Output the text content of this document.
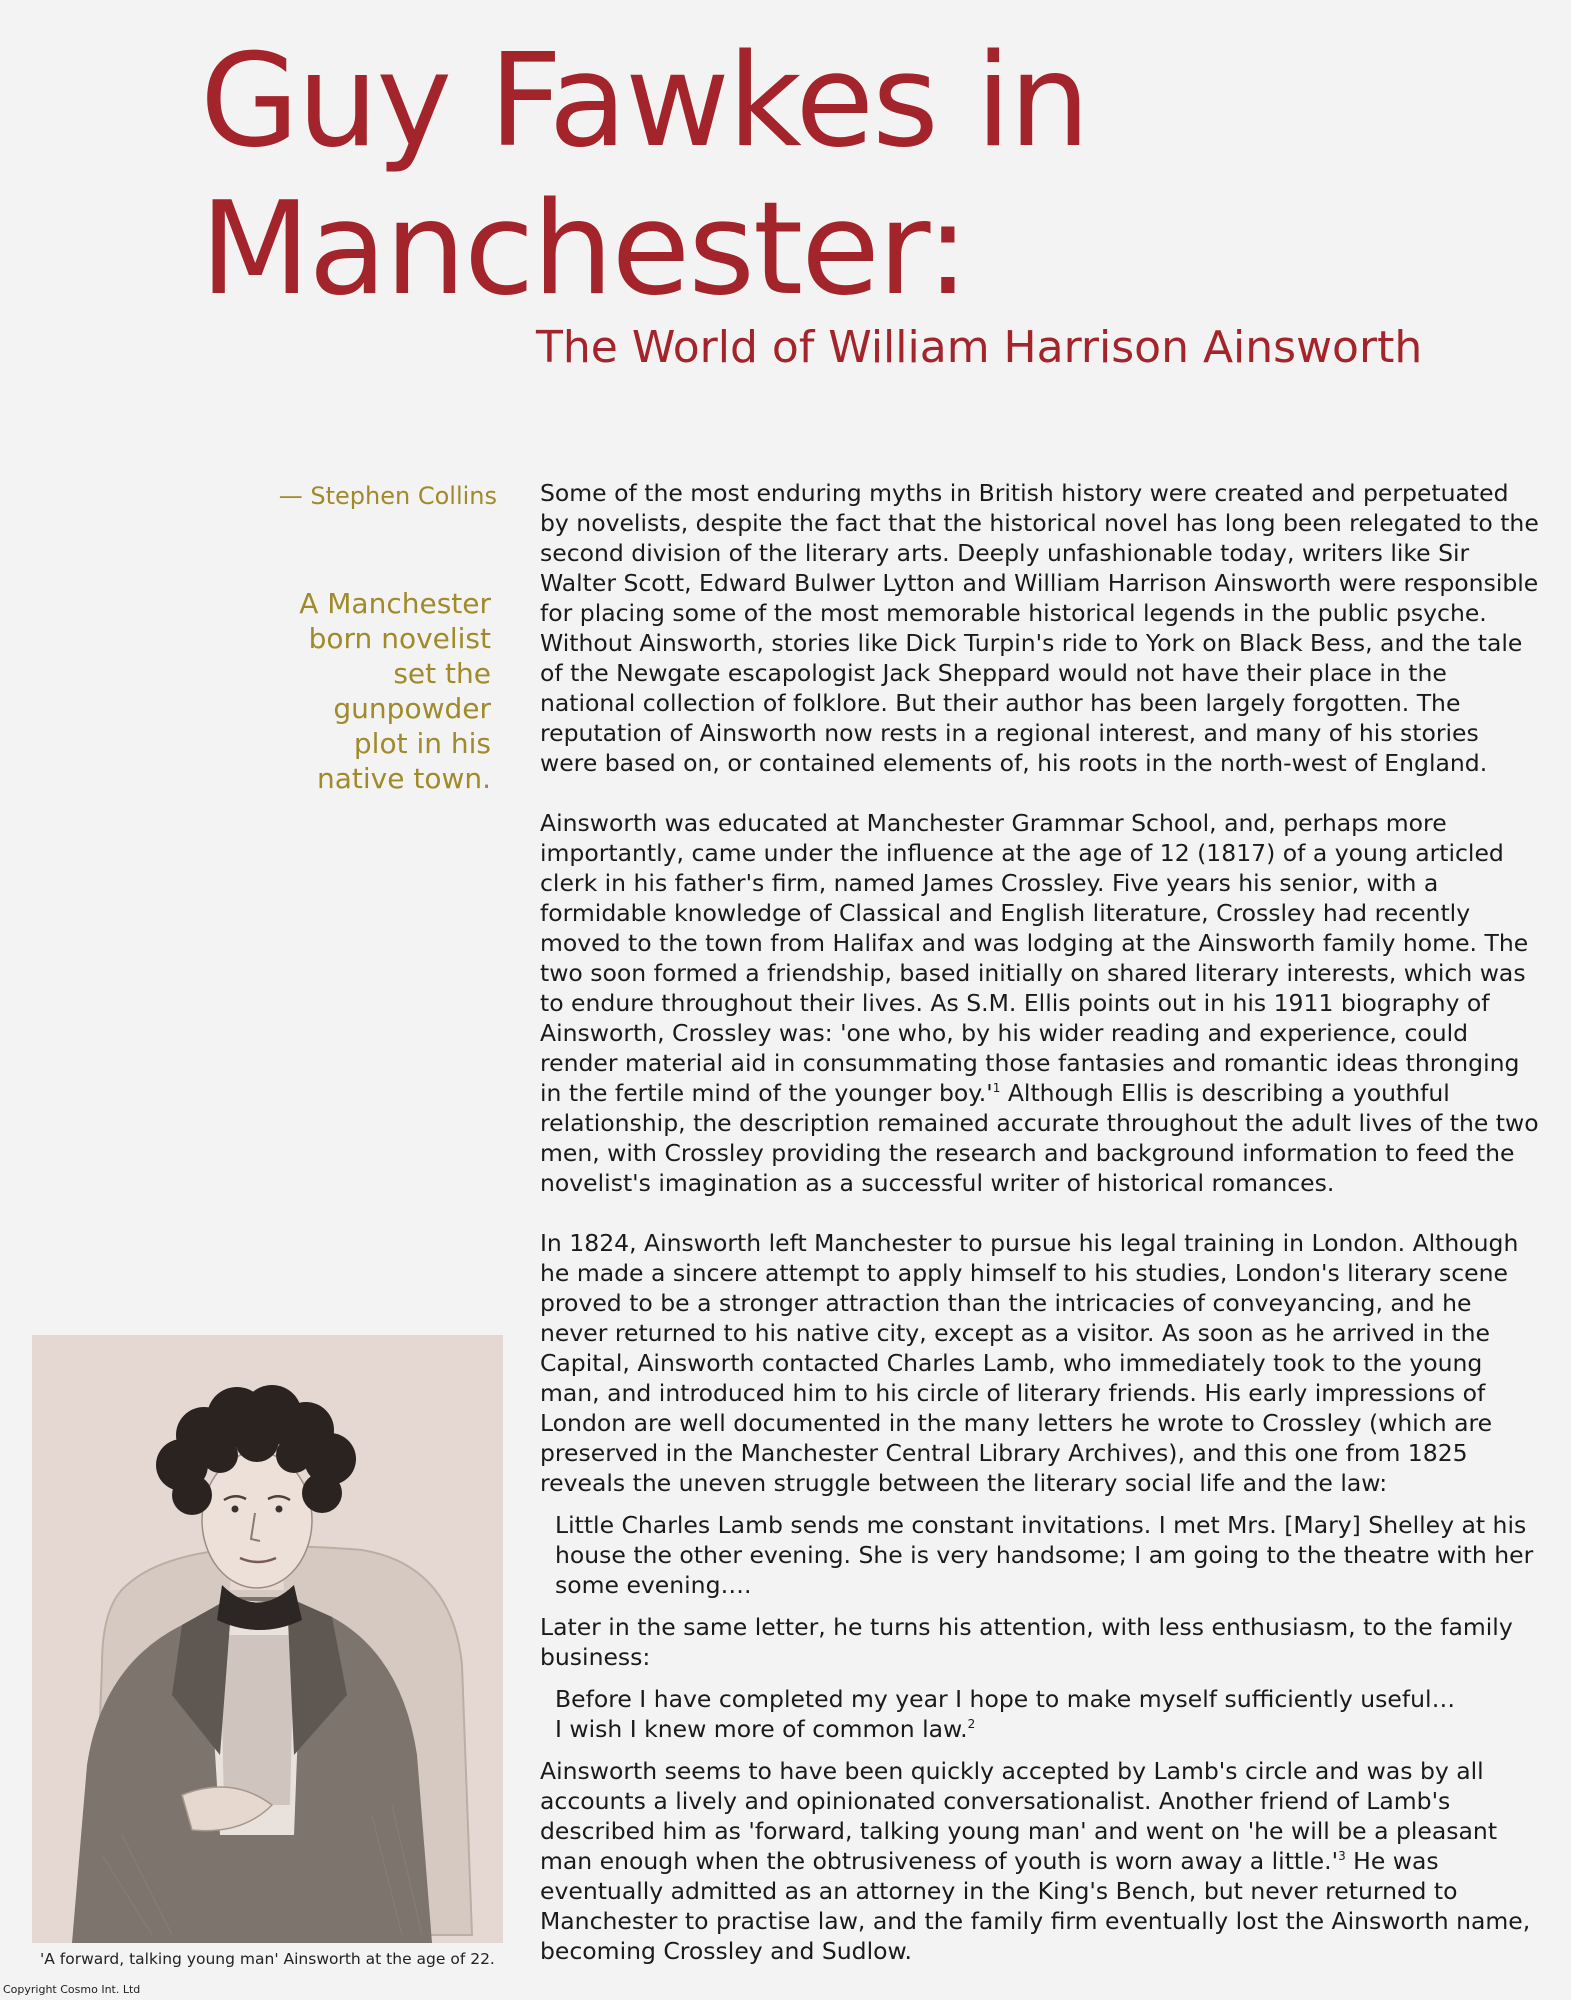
Guy Fawkes in
Manchester:
The World of William Harrison Ainsworth
— Stephen Collins
A Manchester
born novelist
set the
gunpowder
plot in his
native town.

Some of the most enduring myths in British history were created and perpetuated by novelists, despite the fact that the historical novel has long been relegated to the second division of the literary arts. Deeply unfashionable today, writers like Sir Walter Scott, Edward Bulwer Lytton and William Harrison Ainsworth were responsible for placing some of the most memorable historical legends in the public psyche. Without Ainsworth, stories like Dick Turpin's ride to York on Black Bess, and the tale of the Newgate escapologist Jack Sheppard would not have their place in the national collection of folklore. But their author has been largely forgotten. The reputation of Ainsworth now rests in a regional interest, and many of his stories were based on, or contained elements of, his roots in the north-west of England.

Ainsworth was educated at Manchester Grammar School, and, perhaps more importantly, came under the influence at the age of 12 (1817) of a young articled clerk in his father's firm, named James Crossley. Five years his senior, with a formidable knowledge of Classical and English literature, Crossley had recently moved to the town from Halifax and was lodging at the Ainsworth family home. The two soon formed a friendship, based initially on shared literary interests, which was to endure throughout their lives. As S.M. Ellis points out in his 1911 biography of Ainsworth, Crossley was: 'one who, by his wider reading and experience, could render material aid in consummating those fantasies and romantic ideas thronging in the fertile mind of the younger $boy.'^1$ Although Ellis is describing a youthful relationship, the description remained accurate throughout the adult lives of the two men, with Crossley providing the research and background information to feed the novelist's imagination as a successful writer of historical romances.

In 1824, Ainsworth left Manchester to pursue his legal training in London. Although he made a sincere attempt to apply himself to his studies, London's literary scene proved to be a stronger attraction than the intricacies of conveyancing, and he never returned to his native city, except as a visitor. As soon as he arrived in the Capital, Ainsworth contacted Charles Lamb, who immediately took to the young man, and introduced him to his circle of literary friends. His early impressions of London are well documented in the many letters he wrote to Crossley (which are preserved in the Manchester Central Library Archives), and this one from 1825 reveals the uneven struggle between the literary social life and the law:

Little Charles Lamb sends me constant invitations. I met Mrs. [Mary] Shelley at his house the other evening. She is very handsome; I am going to the theatre with her some evening….

Later in the same letter, he turns his attention, with less enthusiasm, to the family business:

Before I have completed my year I hope to make myself sufficiently useful…
I wish I knew more of common law.$^2$

Ainsworth seems to have been quickly accepted by Lamb's circle and was by all accounts a lively and opinionated conversationalist. Another friend of Lamb's described him as 'forward, talking young man' and went on 'he will be a pleasant man enough when the obtrusiveness of youth is worn away a $little.'^3$ He was eventually admitted as an attorney in the King's Bench, but never returned to Manchester to practise law, and the family firm eventually lost the Ainsworth name, becoming Crossley and Sudlow.

'A forward, talking young man' Ainsworth at the age of 22.
Copyright Cosmo Int. Ltd
